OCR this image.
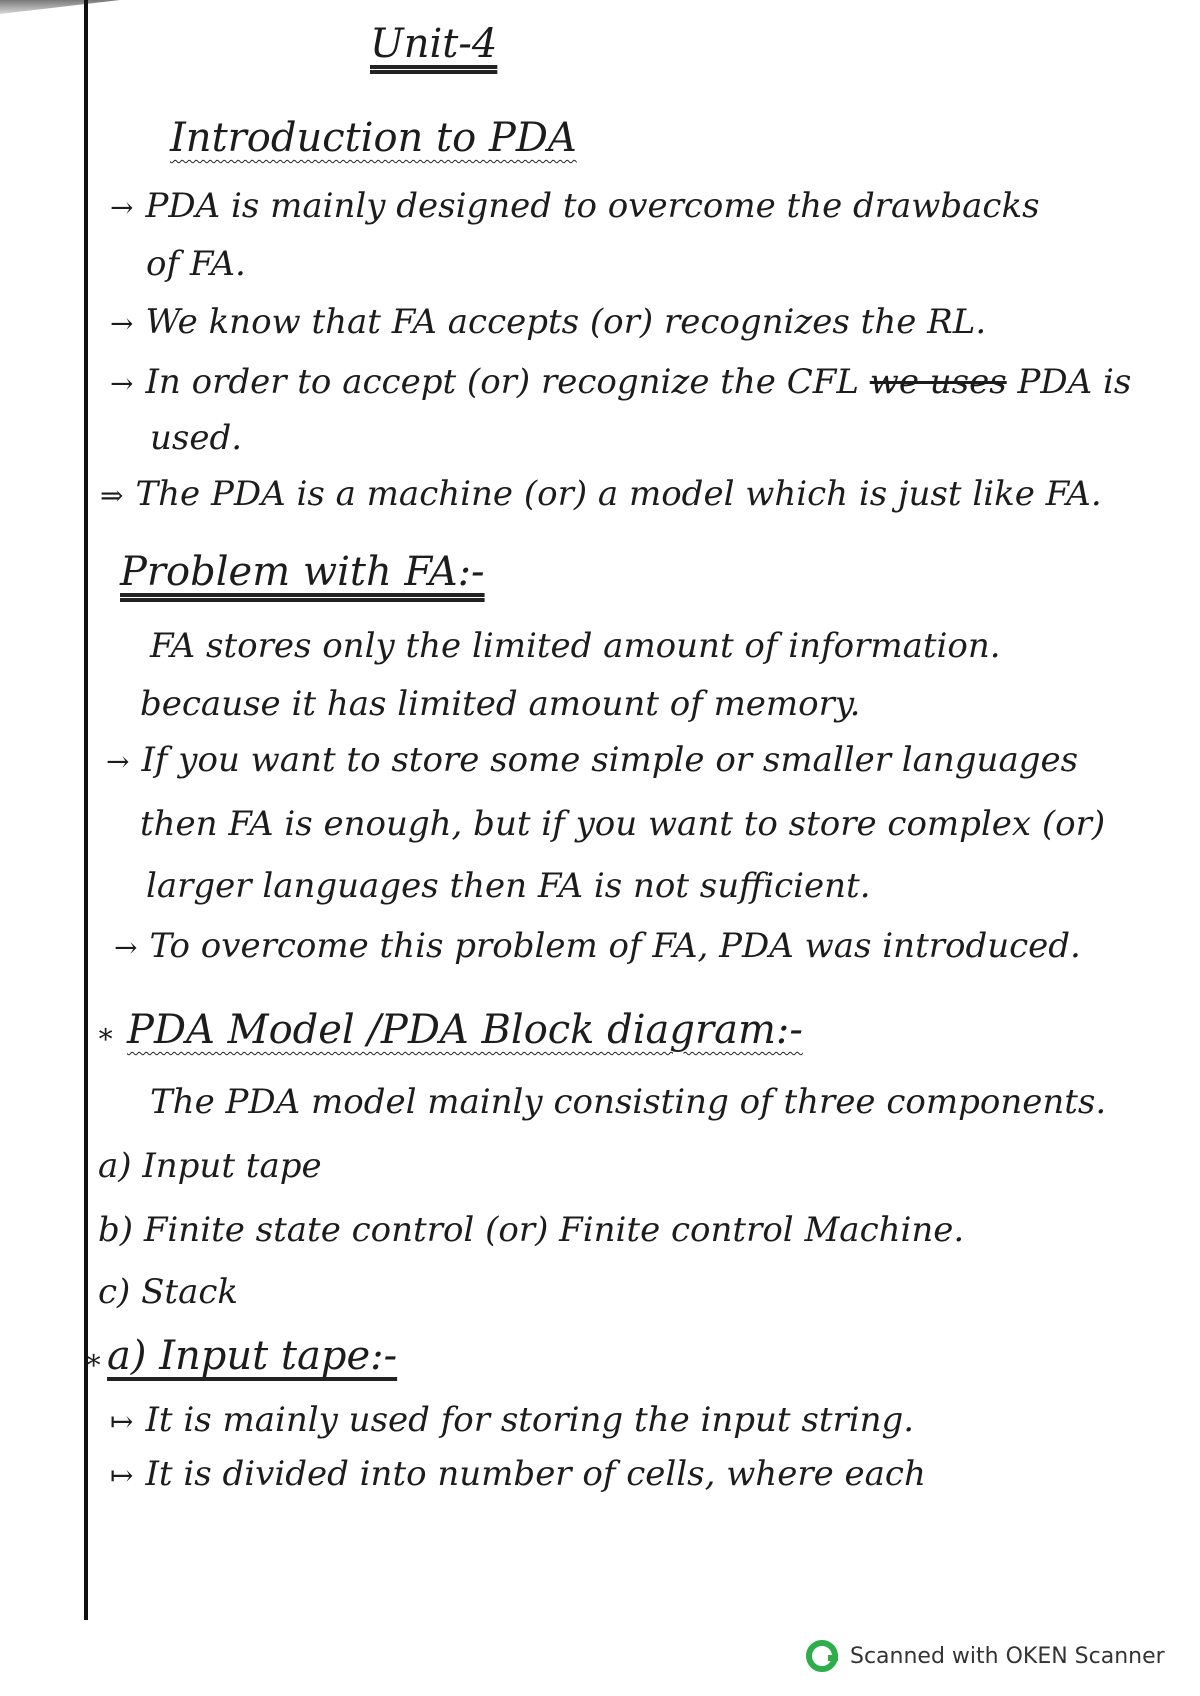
Unit-4
Introduction to PDA
→ PDA is mainly designed to overcome the drawbacks
of FA.
→ We know that FA accepts (or) recognizes the RL.
→ In order to accept (or) recognize the CFL we uses PDA is
used.
⇒ The PDA is a machine (or) a model which is just like FA.
Problem with FA:-
FA stores only the limited amount of information.
because it has limited amount of memory.
→ If you want to store some simple or smaller languages
then FA is enough, but if you want to store complex (or)
larger languages then FA is not sufficient.
→ To overcome this problem of FA, PDA was introduced.
∗ PDA Model /PDA Block diagram:-
The PDA model mainly consisting of three components.
a) Input tape
b) Finite state control (or) Finite control Machine.
c) Stack
∗ a) Input tape:-
↦ It is mainly used for storing the input string.
↦ It is divided into number of cells, where each
Scanned with OKEN Scanner
